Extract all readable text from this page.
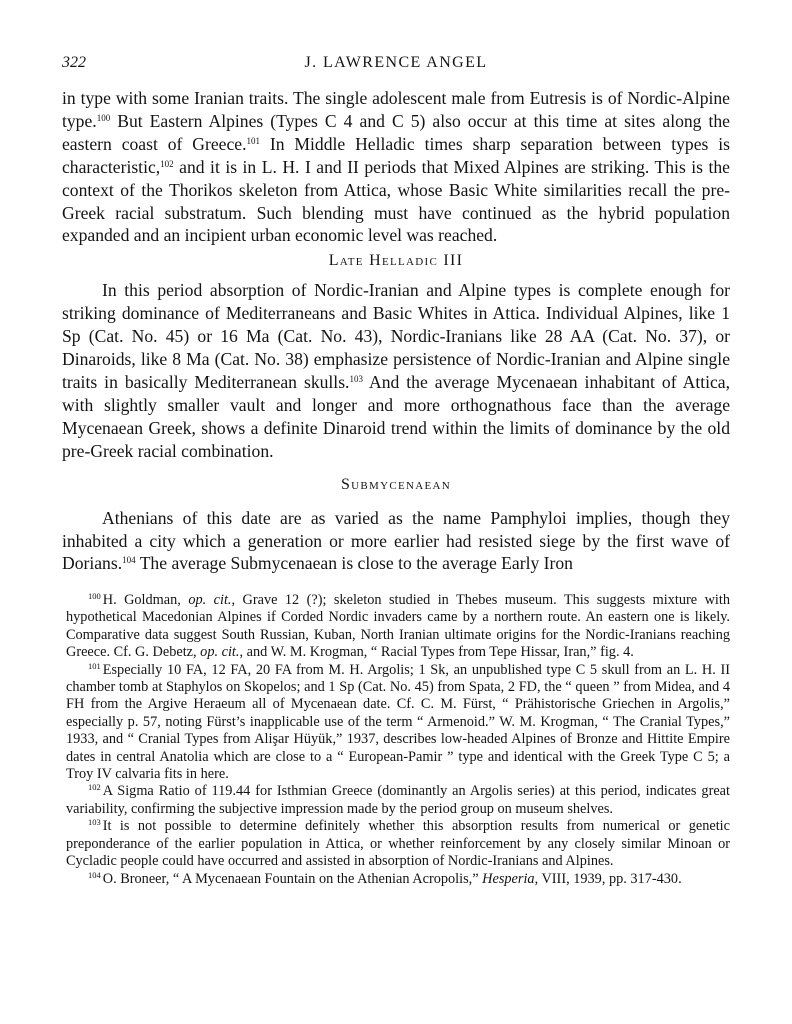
322	J. LAWRENCE ANGEL

in type with some Iranian traits. The single adolescent male from Eutresis is of Nordic-Alpine type.$^{100}$ But Eastern Alpines (Types C 4 and C 5) also occur at this time at sites along the eastern coast of Greece.$^{101}$ In Middle Helladic times sharp separation between types is characteristic,$^{102}$ and it is in L. H. I and II periods that Mixed Alpines are striking. This is the context of the Thorikos skeleton from Attica, whose Basic White similarities recall the pre-Greek racial substratum. Such blending must have continued as the hybrid population expanded and an incipient urban economic level was reached.

Late Helladic III

In this period absorption of Nordic-Iranian and Alpine types is complete enough for striking dominance of Mediterraneans and Basic Whites in Attica. Individual Alpines, like 1 Sp (Cat. No. 45) or 16 Ma (Cat. No. 43), Nordic-Iranians like 28 AA (Cat. No. 37), or Dinaroids, like 8 Ma (Cat. No. 38) emphasize persistence of Nordic-Iranian and Alpine single traits in basically Mediterranean skulls.$^{103}$ And the average Mycenaean inhabitant of Attica, with slightly smaller vault and longer and more orthognathous face than the average Mycenaean Greek, shows a definite Dinaroid trend within the limits of dominance by the old pre-Greek racial combination.

Submycenaean

Athenians of this date are as varied as the name Pamphyloi implies, though they inhabited a city which a generation or more earlier had resisted siege by the first wave of Dorians.$^{104}$ The average Submycenaean is close to the average Early Iron

$^{100}$ H. Goldman, op. cit., Grave 12 (?); skeleton studied in Thebes museum. This suggests mixture with hypothetical Macedonian Alpines if Corded Nordic invaders came by a northern route. An eastern one is likely. Comparative data suggest South Russian, Kuban, North Iranian ultimate origins for the Nordic-Iranians reaching Greece. Cf. G. Debetz, op. cit., and W. M. Krogman, “ Racial Types from Tepe Hissar, Iran,” fig. 4.

$^{101}$ Especially 10 FA, 12 FA, 20 FA from M. H. Argolis; 1 Sk, an unpublished type C 5 skull from an L. H. II chamber tomb at Staphylos on Skopelos; and 1 Sp (Cat. No. 45) from Spata, 2 FD, the “ queen ” from Midea, and 4 FH from the Argive Heraeum all of Mycenaean date. Cf. C. M. Fürst, “ Prähistorische Griechen in Argolis,” especially p. 57, noting Fürst’s inapplicable use of the term “ Armenoid.” W. M. Krogman, “ The Cranial Types,” 1933, and “ Cranial Types from Alişar Hüyük,” 1937, describes low-headed Alpines of Bronze and Hittite Empire dates in central Anatolia which are close to a “ European-Pamir ” type and identical with the Greek Type C 5; a Troy IV calvaria fits in here.

$^{102}$ A Sigma Ratio of 119.44 for Isthmian Greece (dominantly an Argolis series) at this period, indicates great variability, confirming the subjective impression made by the period group on museum shelves.

$^{103}$ It is not possible to determine definitely whether this absorption results from numerical or genetic preponderance of the earlier population in Attica, or whether reinforcement by any closely similar Minoan or Cycladic people could have occurred and assisted in absorption of Nordic-Iranians and Alpines.

$^{104}$ O. Broneer, “ A Mycenaean Fountain on the Athenian Acropolis,” Hesperia, VIII, 1939, pp. 317-430.
